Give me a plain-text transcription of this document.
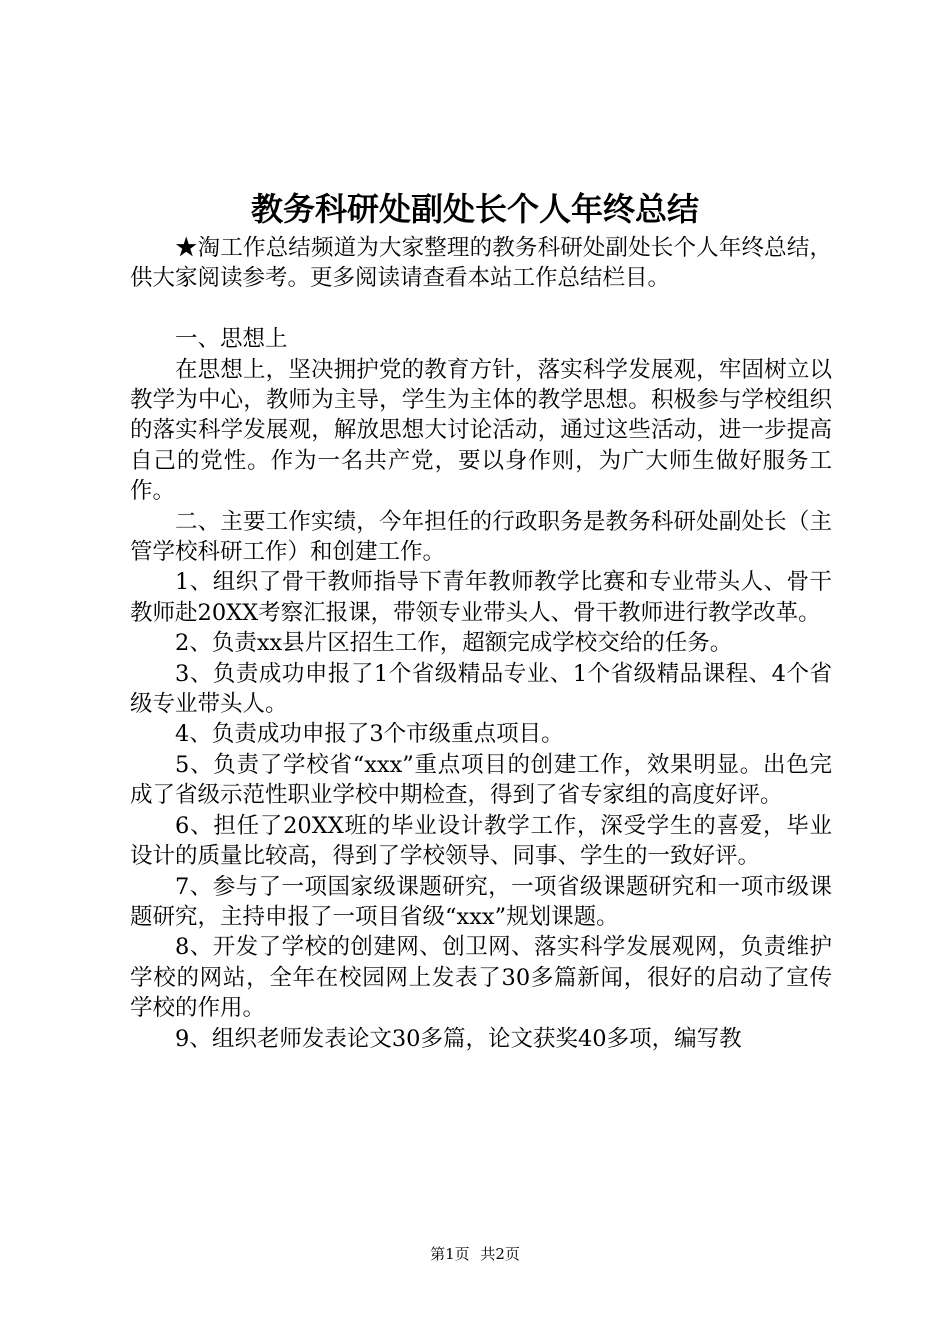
教务科研处副处长个人年终总结

★淘工作总结频道为大家整理的教务科研处副处长个人年终总结，供大家阅读参考。更多阅读请查看本站工作总结栏目。

一、思想上

在思想上，坚决拥护党的教育方针，落实科学发展观，牢固树立以教学为中心，教师为主导，学生为主体的教学思想。积极参与学校组织的落实科学发展观，解放思想大讨论活动，通过这些活动，进一步提高自己的党性。作为一名共产党，要以身作则，为广大师生做好服务工作。

二、主要工作实绩，今年担任的行政职务是教务科研处副处长（主管学校科研工作）和创建工作。

1、组织了骨干教师指导下青年教师教学比赛和专业带头人、骨干教师赴20XX考察汇报课，带领专业带头人、骨干教师进行教学改革。

2、负责xx县片区招生工作，超额完成学校交给的任务。

3、负责成功申报了1个省级精品专业、1个省级精品课程、4个省级专业带头人。

4、负责成功申报了3个市级重点项目。

5、负责了学校省“xxx”重点项目的创建工作，效果明显。出色完成了省级示范性职业学校中期检查，得到了省专家组的高度好评。

6、担任了20XX班的毕业设计教学工作，深受学生的喜爱，毕业设计的质量比较高，得到了学校领导、同事、学生的一致好评。

7、参与了一项国家级课题研究，一项省级课题研究和一项市级课题研究，主持申报了一项目省级“xxx”规划课题。

8、开发了学校的创建网、创卫网、落实科学发展观网，负责维护学校的网站，全年在校园网上发表了30多篇新闻，很好的启动了宣传学校的作用。

9、组织老师发表论文30多篇，论文获奖40多项，编写教

第1页 共2页
